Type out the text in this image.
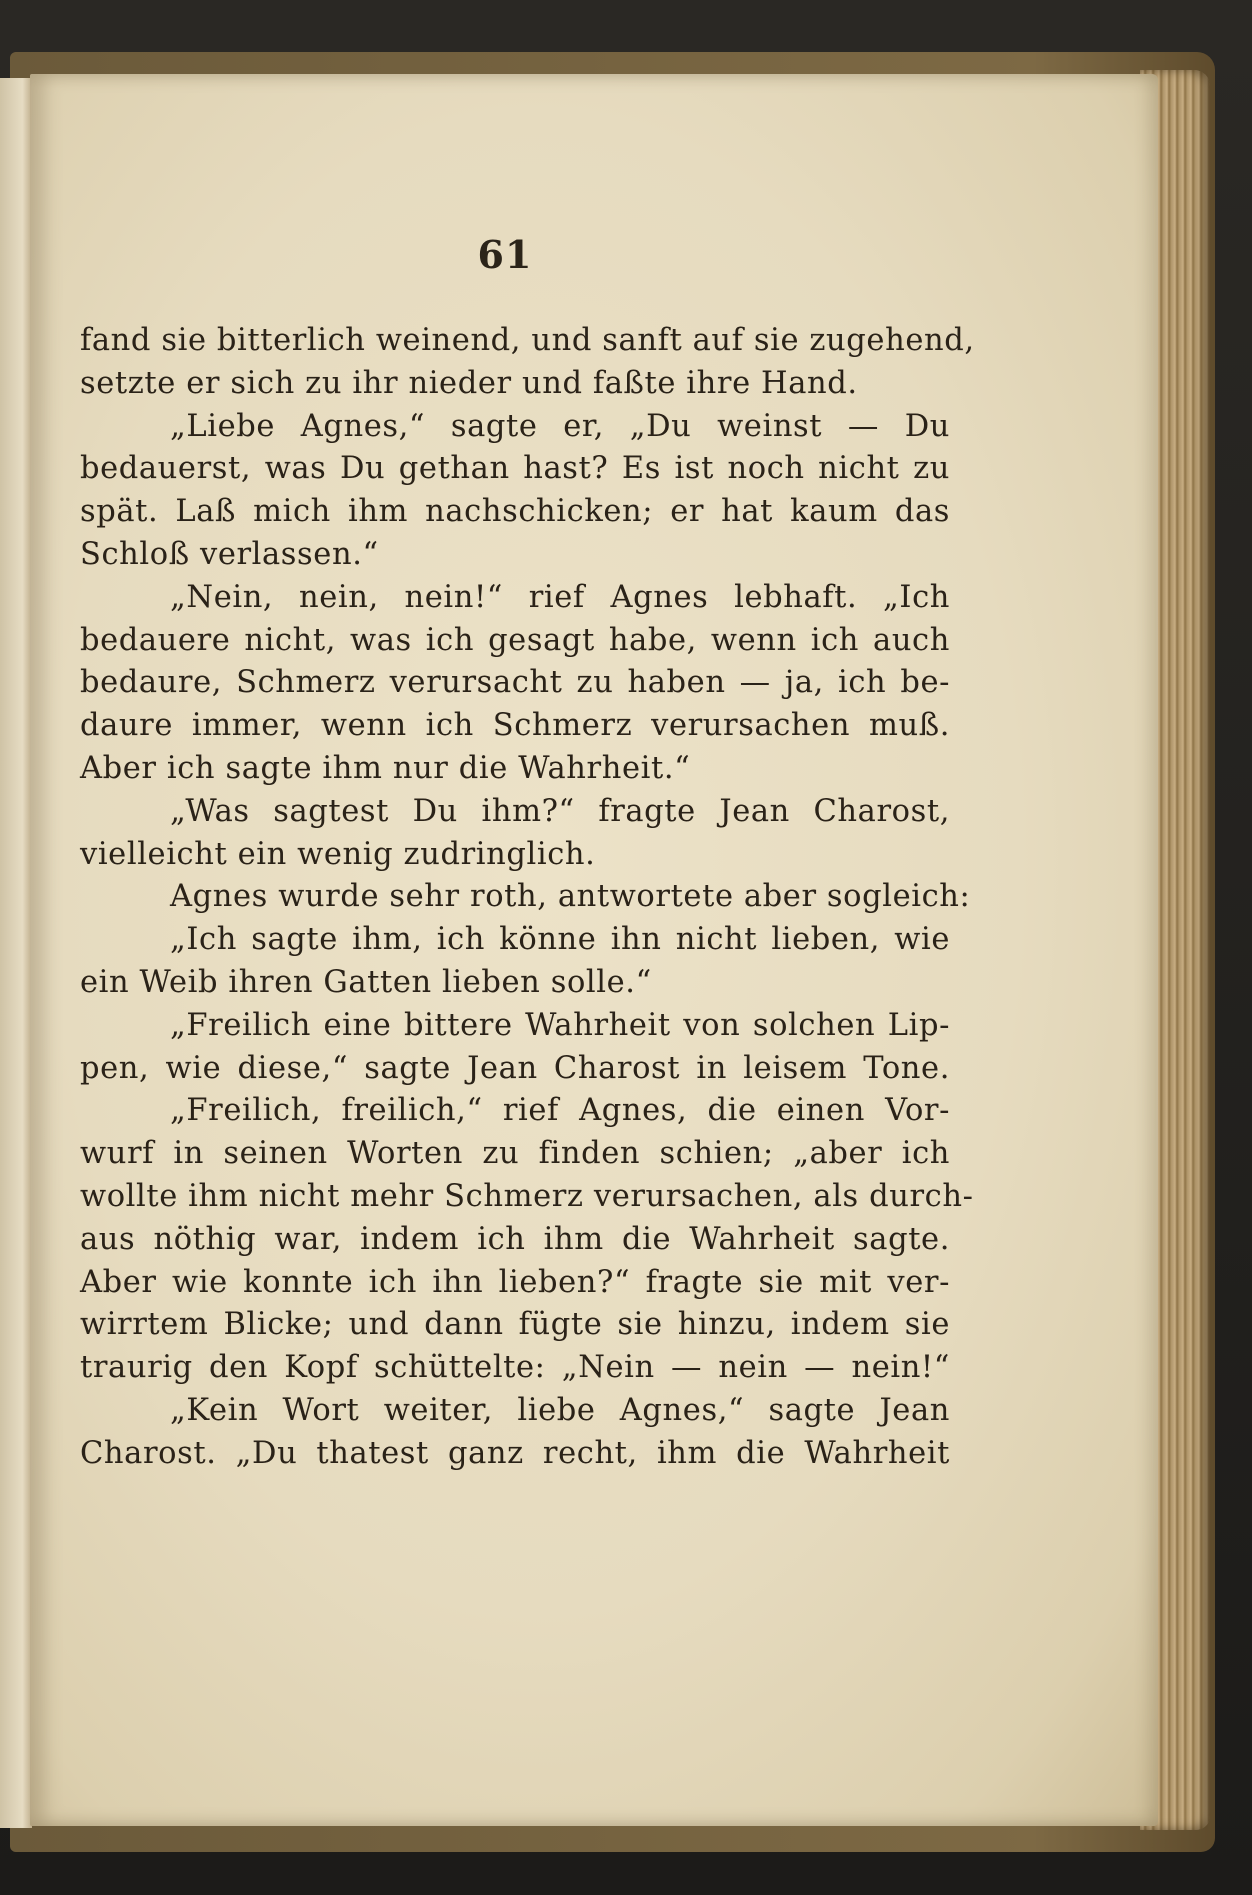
61
fand sie bitterlich weinend, und sanft auf sie zugehend,
setzte er sich zu ihr nieder und faßte ihre Hand.
„Liebe Agnes,“ sagte er, „Du weinst — Du
bedauerst, was Du gethan hast? Es ist noch nicht zu
spät. Laß mich ihm nachschicken; er hat kaum das
Schloß verlassen.“
„Nein, nein, nein!“ rief Agnes lebhaft. „Ich
bedauere nicht, was ich gesagt habe, wenn ich auch
bedaure, Schmerz verursacht zu haben — ja, ich be-
daure immer, wenn ich Schmerz verursachen muß.
Aber ich sagte ihm nur die Wahrheit.“
„Was sagtest Du ihm?“ fragte Jean Charost,
vielleicht ein wenig zudringlich.
Agnes wurde sehr roth, antwortete aber sogleich:
„Ich sagte ihm, ich könne ihn nicht lieben, wie
ein Weib ihren Gatten lieben solle.“
„Freilich eine bittere Wahrheit von solchen Lip-
pen, wie diese,“ sagte Jean Charost in leisem Tone.
„Freilich, freilich,“ rief Agnes, die einen Vor-
wurf in seinen Worten zu finden schien; „aber ich
wollte ihm nicht mehr Schmerz verursachen, als durch-
aus nöthig war, indem ich ihm die Wahrheit sagte.
Aber wie konnte ich ihn lieben?“ fragte sie mit ver-
wirrtem Blicke; und dann fügte sie hinzu, indem sie
traurig den Kopf schüttelte: „Nein — nein — nein!“
„Kein Wort weiter, liebe Agnes,“ sagte Jean
Charost. „Du thatest ganz recht, ihm die Wahrheit
